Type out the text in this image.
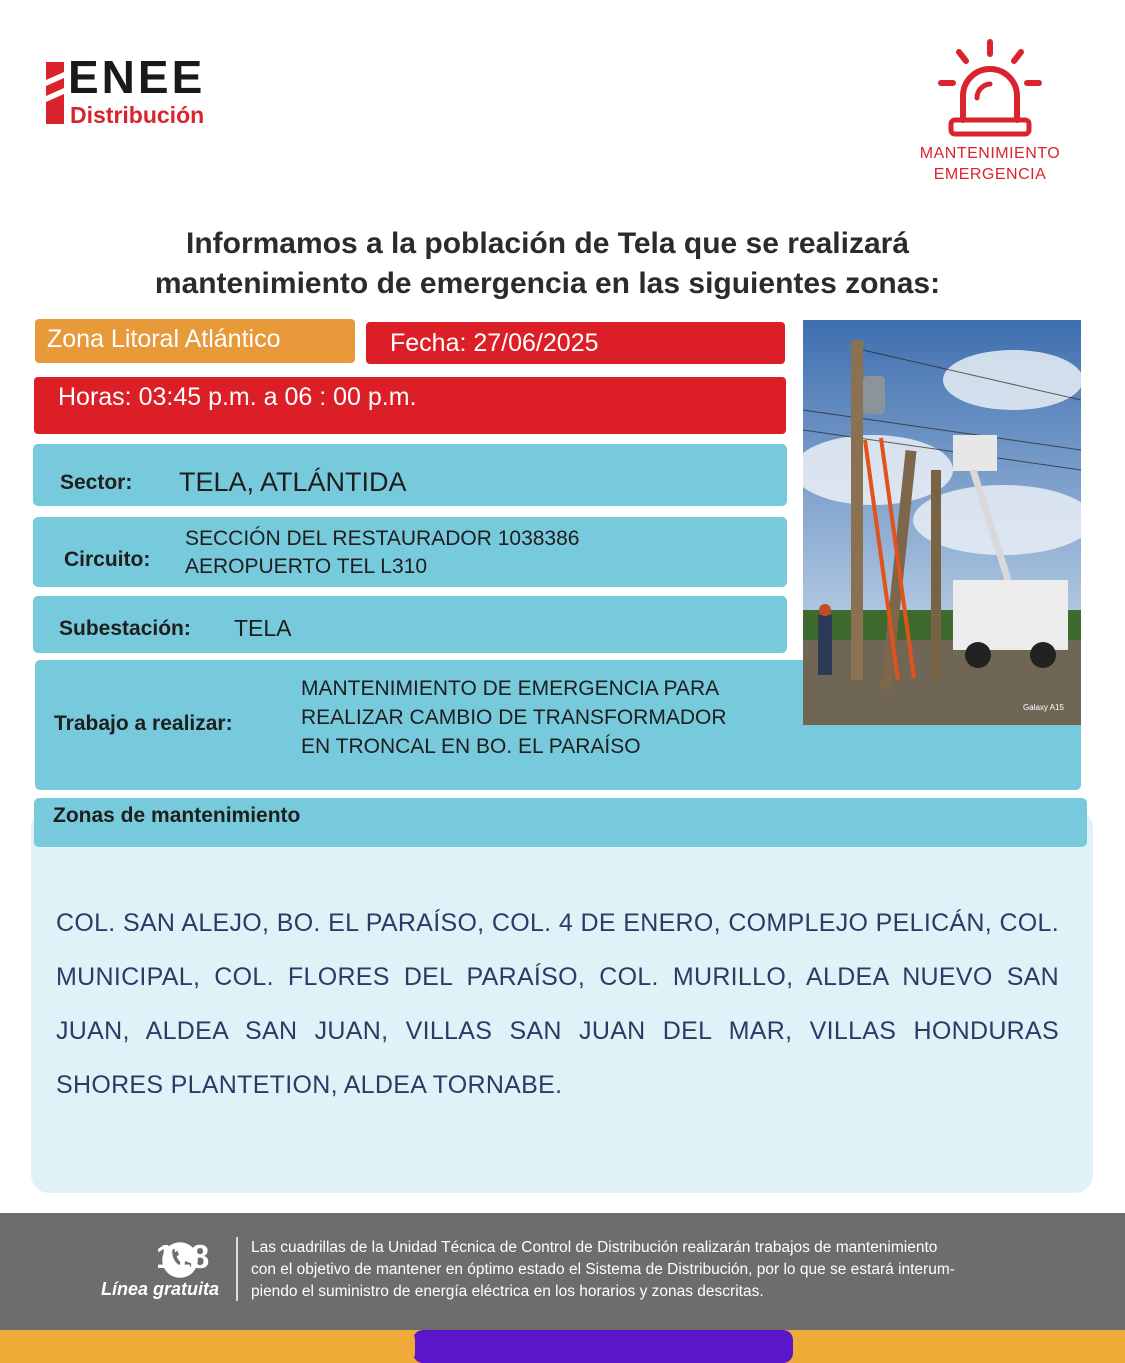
ENEE
Distribución
MANTENIMIENTO
EMERGENCIA
Informamos a la población de Tela que se realizará
mantenimiento de emergencia en las siguientes zonas:
Zona Litoral Atlántico	Fecha: 27/06/2025
Horas: 03:45 p.m. a 06 : 00 p.m.
Sector: TELA, ATLÁNTIDA
Circuito:
SECCIÓN DEL RESTAURADOR 1038386
AEROPUERTO TEL L310
Subestación: TELA
Trabajo a realizar:
MANTENIMIENTO DE EMERGENCIA PARA
REALIZAR CAMBIO DE TRANSFORMADOR
EN TRONCAL EN BO. EL PARAÍSO
Galaxy A15
Zonas de mantenimiento
COL. SAN ALEJO, BO. EL PARAÍSO, COL. 4 DE ENERO, COMPLEJO PELICÁN, COL. MUNICIPAL, COL. FLORES DEL PARAÍSO, COL. MURILLO, ALDEA NUEVO SAN JUAN, ALDEA SAN JUAN, VILLAS SAN JUAN DEL MAR, VILLAS HONDURAS SHORES PLANTETION, ALDEA TORNABE.
118
Línea gratuita
Las cuadrillas de la Unidad Técnica de Control de Distribución realizarán trabajos de mantenimiento
con el objetivo de mantener en óptimo estado el Sistema de Distribución, por lo que se estará interum-
piendo el suministro de energía eléctrica en los horarios y zonas descritas.
